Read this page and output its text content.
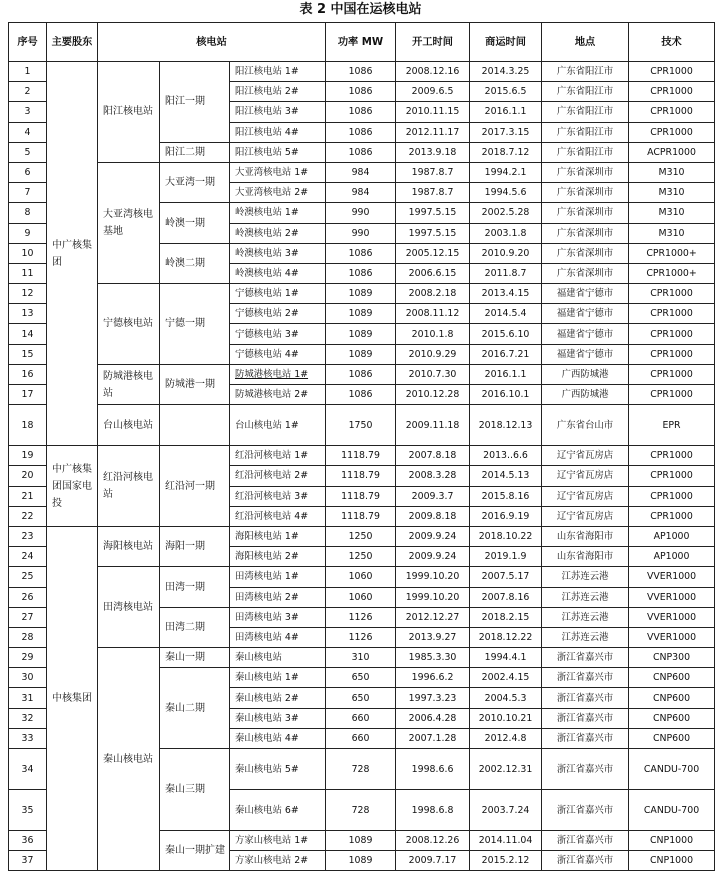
表 2 中国在运核电站
序号	主要股东	核电站			功率 MW	开工时间	商运时间	地点	技术
1	中广核集团	阳江核电站	阳江一期	阳江核电站 1#	1086	2008.12.16	2014.3.25	广东省阳江市	CPR1000
2				阳江核电站 2#	1086	2009.6.5	2015.6.5	广东省阳江市	CPR1000
3				阳江核电站 3#	1086	2010.11.15	2016.1.1	广东省阳江市	CPR1000
4				阳江核电站 4#	1086	2012.11.17	2017.3.15	广东省阳江市	CPR1000
5			阳江二期	阳江核电站 5#	1086	2013.9.18	2018.7.12	广东省阳江市	ACPR1000
6		大亚湾核电基地	大亚湾一期	大亚湾核电站 1#	984	1987.8.7	1994.2.1	广东省深圳市	M310
7				大亚湾核电站 2#	984	1987.8.7	1994.5.6	广东省深圳市	M310
8			岭澳一期	岭澳核电站 1#	990	1997.5.15	2002.5.28	广东省深圳市	M310
9				岭澳核电站 2#	990	1997.5.15	2003.1.8	广东省深圳市	M310
10			岭澳二期	岭澳核电站 3#	1086	2005.12.15	2010.9.20	广东省深圳市	CPR1000+
11				岭澳核电站 4#	1086	2006.6.15	2011.8.7	广东省深圳市	CPR1000+
12		宁德核电站	宁德一期	宁德核电站 1#	1089	2008.2.18	2013.4.15	福建省宁德市	CPR1000
13				宁德核电站 2#	1089	2008.11.12	2014.5.4	福建省宁德市	CPR1000
14				宁德核电站 3#	1089	2010.1.8	2015.6.10	福建省宁德市	CPR1000
15				宁德核电站 4#	1089	2010.9.29	2016.7.21	福建省宁德市	CPR1000
16		防城港核电站	防城港一期	防城港核电站 1#	1086	2010.7.30	2016.1.1	广西防城港	CPR1000
17				防城港核电站 2#	1086	2010.12.28	2016.10.1	广西防城港	CPR1000
18		台山核电站		台山核电站 1#	1750	2009.11.18	2018.12.13	广东省台山市	EPR
19	中广核集团国家电投	红沿河核电站	红沿河一期	红沿河核电站 1#	1118.79	2007.8.18	2013..6.6	辽宁省瓦房店	CPR1000
20				红沿河核电站 2#	1118.79	2008.3.28	2014.5.13	辽宁省瓦房店	CPR1000
21				红沿河核电站 3#	1118.79	2009.3.7	2015.8.16	辽宁省瓦房店	CPR1000
22				红沿河核电站 4#	1118.79	2009.8.18	2016.9.19	辽宁省瓦房店	CPR1000
23	中核集团	海阳核电站	海阳一期	海阳核电站 1#	1250	2009.9.24	2018.10.22	山东省海阳市	AP1000
24				海阳核电站 2#	1250	2009.9.24	2019.1.9	山东省海阳市	AP1000
25		田湾核电站	田湾一期	田湾核电站 1#	1060	1999.10.20	2007.5.17	江苏连云港	VVER1000
26				田湾核电站 2#	1060	1999.10.20	2007.8.16	江苏连云港	VVER1000
27			田湾二期	田湾核电站 3#	1126	2012.12.27	2018.2.15	江苏连云港	VVER1000
28				田湾核电站 4#	1126	2013.9.27	2018.12.22	江苏连云港	VVER1000
29		秦山核电站	秦山一期	秦山核电站	310	1985.3.30	1994.4.1	浙江省嘉兴市	CNP300
30			秦山二期	秦山核电站 1#	650	1996.6.2	2002.4.15	浙江省嘉兴市	CNP600
31				秦山核电站 2#	650	1997.3.23	2004.5.3	浙江省嘉兴市	CNP600
32				秦山核电站 3#	660	2006.4.28	2010.10.21	浙江省嘉兴市	CNP600
33				秦山核电站 4#	660	2007.1.28	2012.4.8	浙江省嘉兴市	CNP600
34			秦山三期	秦山核电站 5#	728	1998.6.6	2002.12.31	浙江省嘉兴市	CANDU-700
35				秦山核电站 6#	728	1998.6.8	2003.7.24	浙江省嘉兴市	CANDU-700
36			秦山一期扩建	方家山核电站 1#	1089	2008.12.26	2014.11.04	浙江省嘉兴市	CNP1000
37				方家山核电站 2#	1089	2009.7.17	2015.2.12	浙江省嘉兴市	CNP1000
